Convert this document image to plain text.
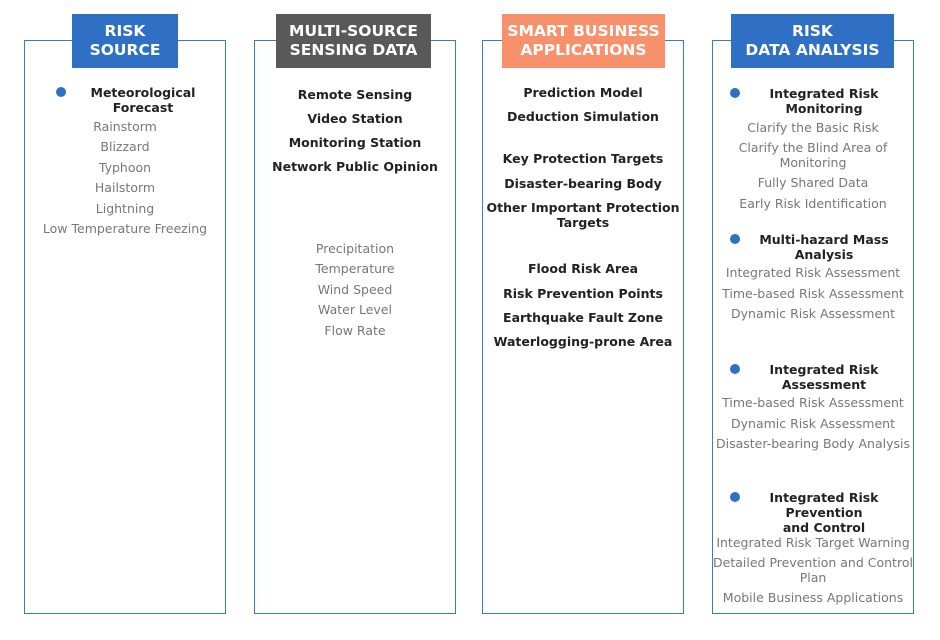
RISK
SOURCE
Meteorological Forecast
Rainstorm
Blizzard
Typhoon
Hailstorm
Lightning
Low Temperature Freezing
MULTI-SOURCE
SENSING DATA
Remote Sensing
Video Station
Monitoring Station
Network Public Opinion
Precipitation
Temperature
Wind Speed
Water Level
Flow Rate
SMART BUSINESS
APPLICATIONS
Prediction Model
Deduction Simulation
Key Protection Targets
Disaster-bearing Body
Other Important Protection
Targets
Flood Risk Area
Risk Prevention Points
Earthquake Fault Zone
Waterlogging-prone Area
RISK
DATA ANALYSIS
Integrated Risk Monitoring
Clarify the Basic Risk
Clarify the Blind Area of
Monitoring
Fully Shared Data
Early Risk Identification
Multi-hazard Mass Analysis
Integrated Risk Assessment
Time-based Risk Assessment
Dynamic Risk Assessment
Integrated Risk Assessment
Time-based Risk Assessment
Dynamic Risk Assessment
Disaster-bearing Body Analysis
Integrated Risk Prevention
and Control
Integrated Risk Target Warning
Detailed Prevention and Control
Plan
Mobile Business Applications
